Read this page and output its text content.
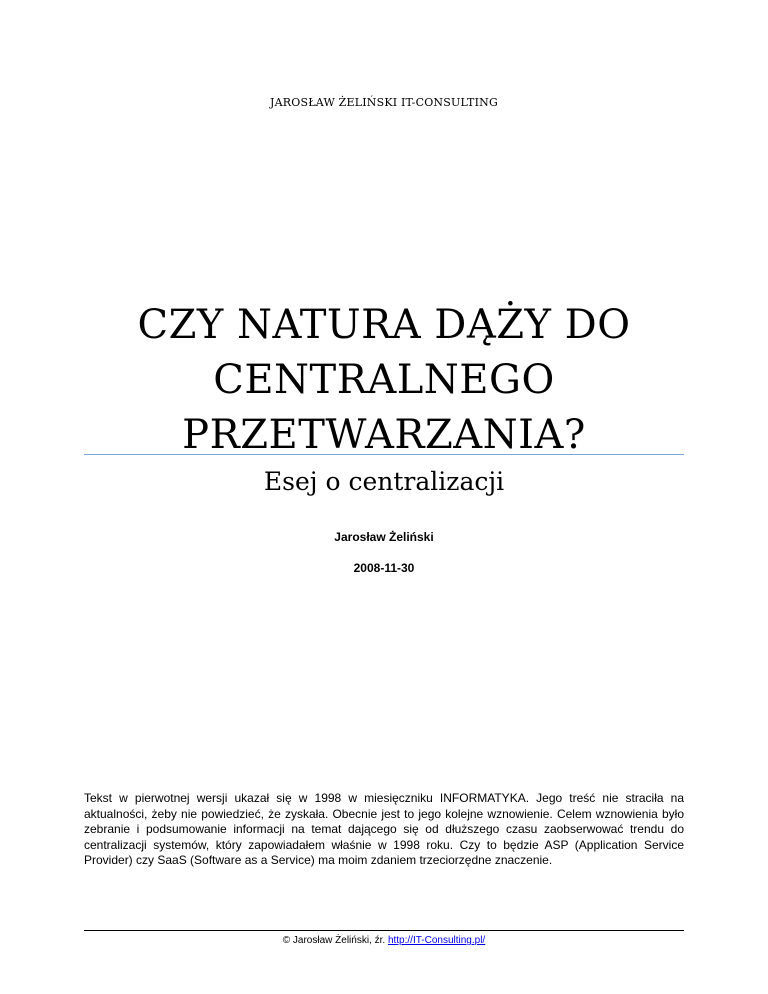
JAROSŁAW ŻELIŃSKI IT-CONSULTING
CZY NATURA DĄŻY DO
CENTRALNEGO
PRZETWARZANIA?
Esej o centralizacji
Jarosław Żeliński
2008-11-30

Tekst w pierwotnej wersji ukazał się w 1998 w miesięczniku INFORMATYKA. Jego treść nie straciła na aktualności, żeby nie powiedzieć, że zyskała. Obecnie jest to jego kolejne wznowienie. Celem wznowienia było zebranie i podsumowanie informacji na temat dającego się od dłuższego czasu zaobserwować trendu do centralizacji systemów, który zapowiadałem właśnie w 1998 roku. Czy to będzie ASP (Application Service Provider) czy SaaS (Software as a Service) ma moim zdaniem trzeciorzędne znaczenie.

© Jarosław Żeliński, źr. http://IT-Consulting.pl/
